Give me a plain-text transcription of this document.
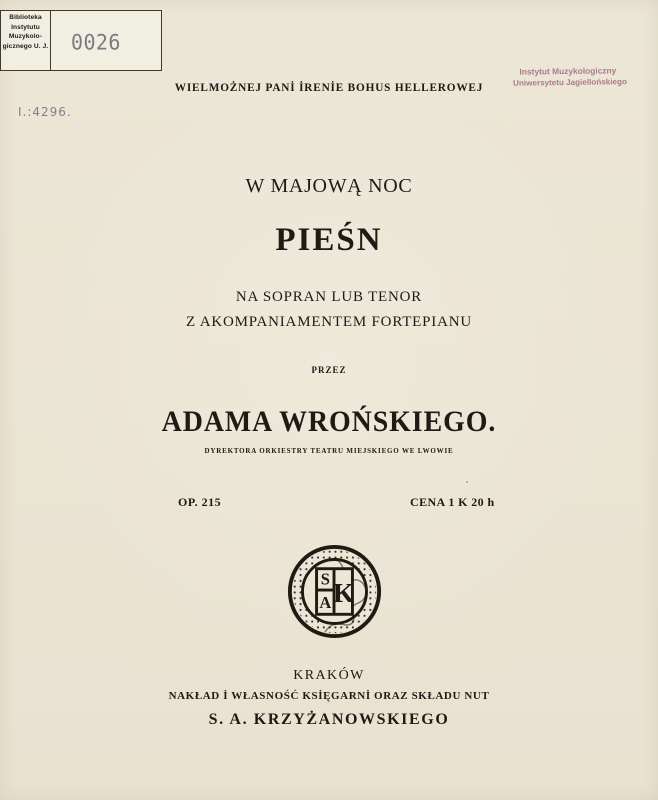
Biblioteka
Instytutu
Muzykolo-
gicznego U. J. 0026
I.:4296.
Instytut Muzykologiczny
Uniwersytetu Jagiellońskiego
WIELMOŻNEJ PANİ İRENİE BOHUS HELLEROWEJ
W MAJOWĄ NOC
PIEŚN
NA SOPRAN LUB TENOR
Z AKOMPANIAMENTEM FORTEPIANU
PRZEZ
ADAMA WROŃSKIEGO.
DYREKTORA ORKIESTRY TEATRU MIEJSKIEGO WE LWOWIE
OP. 215	CENA 1 K 20 h
S K
A
KRAKÓW
NAKŁAD İ WŁASNOŚĆ KSİĘGARNİ ORAZ SKŁADU NUT
S. A. KRZYŻANOWSKIEGO
